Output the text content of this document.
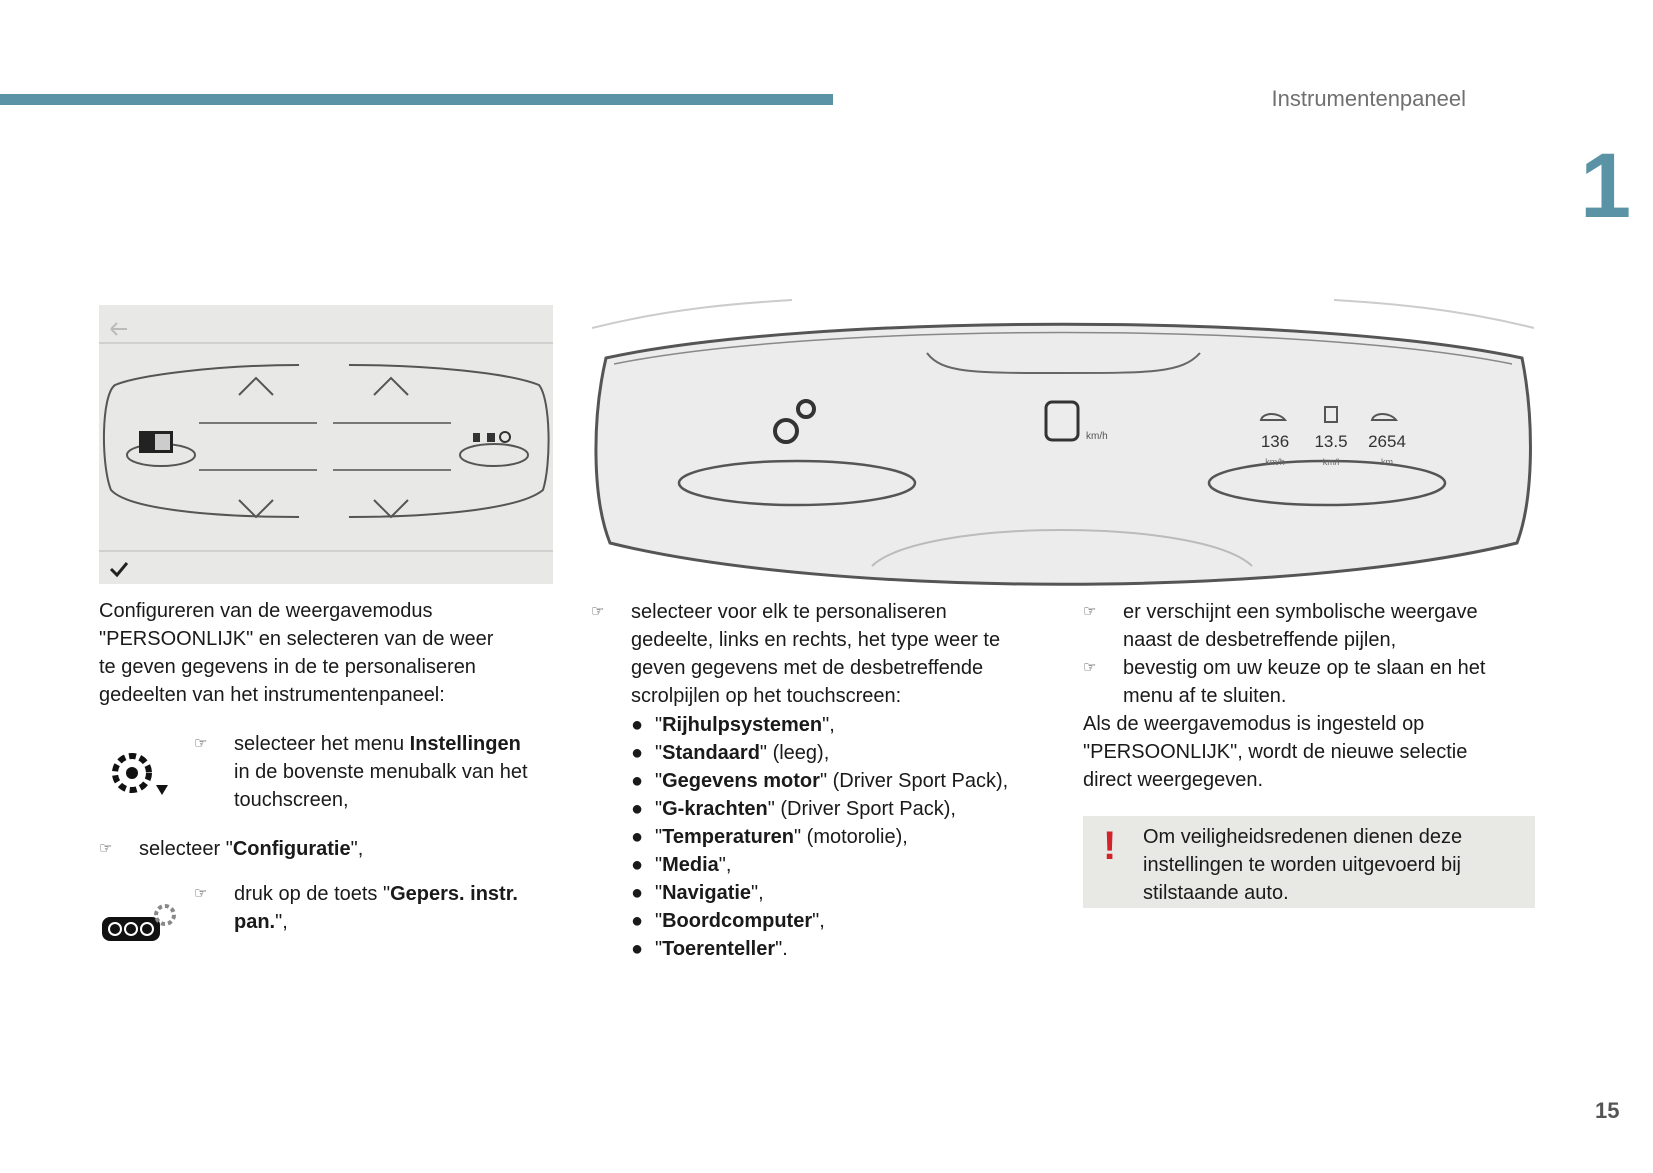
Instrumentenpaneel
1
15
km/h	136 13.5 2654
km/h	km/l	km

Configureren van de weergavemodus

"PERSOONLIJK" en selecteren van de weer

te geven gegevens in de te personaliseren

gedeelten van het instrumentenpaneel:

☞ selecteer het menu Instellingen
in de bovenste menubalk van het
touchscreen,
☞ selecteer "Configuratie",
☞ druk op de toets "Gepers. instr.
pan.",
☞ selecteer voor elk te personaliseren
gedeelte, links en rechts, het type weer te
geven gegevens met de desbetreffende
scrolpijlen op het touchscreen:
● "Rijhulpsystemen",
● "Standaard" (leeg),
● "Gegevens motor" (Driver Sport Pack),
● "G-krachten" (Driver Sport Pack),
● "Temperaturen" (motorolie),
● "Media",
● "Navigatie",
● "Boordcomputer",
● "Toerenteller".
☞ er verschijnt een symbolische weergave
naast de desbetreffende pijlen,
☞ bevestig om uw keuze op te slaan en het
menu af te sluiten.

Als de weergavemodus is ingesteld op

"PERSOONLIJK", wordt de nieuwe selectie

direct weergegeven.

! Om veiligheidsredenen dienen deze
instellingen te worden uitgevoerd bij
stilstaande auto.
